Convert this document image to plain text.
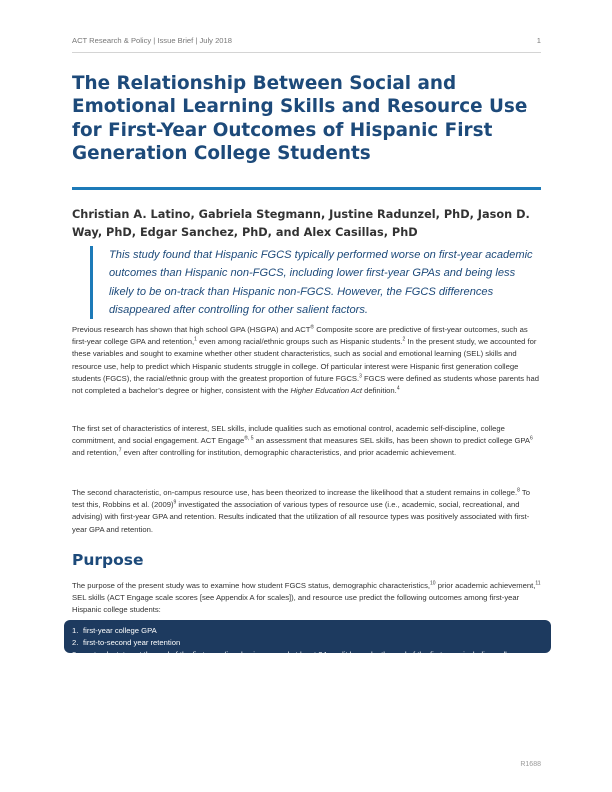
ACT Research & Policy | Issue Brief | July 2018	1
The Relationship Between Social and Emotional Learning Skills and Resource Use for First-Year Outcomes of Hispanic First Generation College Students
Christian A. Latino, Gabriela Stegmann, Justine Radunzel, PhD, Jason D. Way, PhD, Edgar Sanchez, PhD, and Alex Casillas, PhD
This study found that Hispanic FGCS typically performed worse on first-year academic outcomes than Hispanic non-FGCS, including lower first-year GPAs and being less likely to be on-track than Hispanic non-FGCS. However, the FGCS differences disappeared after controlling for other salient factors.

Previous research has shown that high school GPA (HSGPA) and ACT® Composite score are predictive of first-year outcomes, such as first-year college GPA and retention,$^1$ even among racial/ethnic groups such as Hispanic students.$^2$ In the present study, we accounted for these variables and sought to examine whether other student characteristics, such as social and emotional learning (SEL) skills and resource use, help to predict which Hispanic students struggle in college. Of particular interest were Hispanic first generation college students (FGCS), the racial/ethnic group with the greatest proportion of future FGCS.$^3$ FGCS were defined as students whose parents had not completed a bachelor’s degree or higher, consistent with the Higher Education Act definition.$^4$

The first set of characteristics of interest, SEL skills, include qualities such as emotional control, academic self-discipline, college commitment, and social engagement. ACT Engage$^{®, 5}$ an assessment that measures SEL skills, has been shown to predict college GPA$^6$ and retention,$^7$ even after controlling for institution, demographic characteristics, and prior academic achievement.

The second characteristic, on-campus resource use, has been theorized to increase the likelihood that a student remains in college.$^8$ To test this, Robbins et al. $(2009)^9$ investigated the association of various types of resource use (i.e., academic, social, recreational, and advising) with first-year GPA and retention. Results indicated that the utilization of all resource types was positively associated with first-year GPA and retention.

Purpose

The purpose of the present study was to examine how student FGCS status, demographic characteristics,$^{10}$ prior academic achievement,$^{11}$ SEL skills (ACT Engage scale scores [see Appendix A for scales]), and resource use predict the following outcomes among first-year Hispanic college students:

1. first-year college GPA
2. first-to-second year retention
3. on-track status at the end of the first year (i.e., having earned at least 24 credit hours by the end of the first year, including college credits they may have earned in high school)
R1688
